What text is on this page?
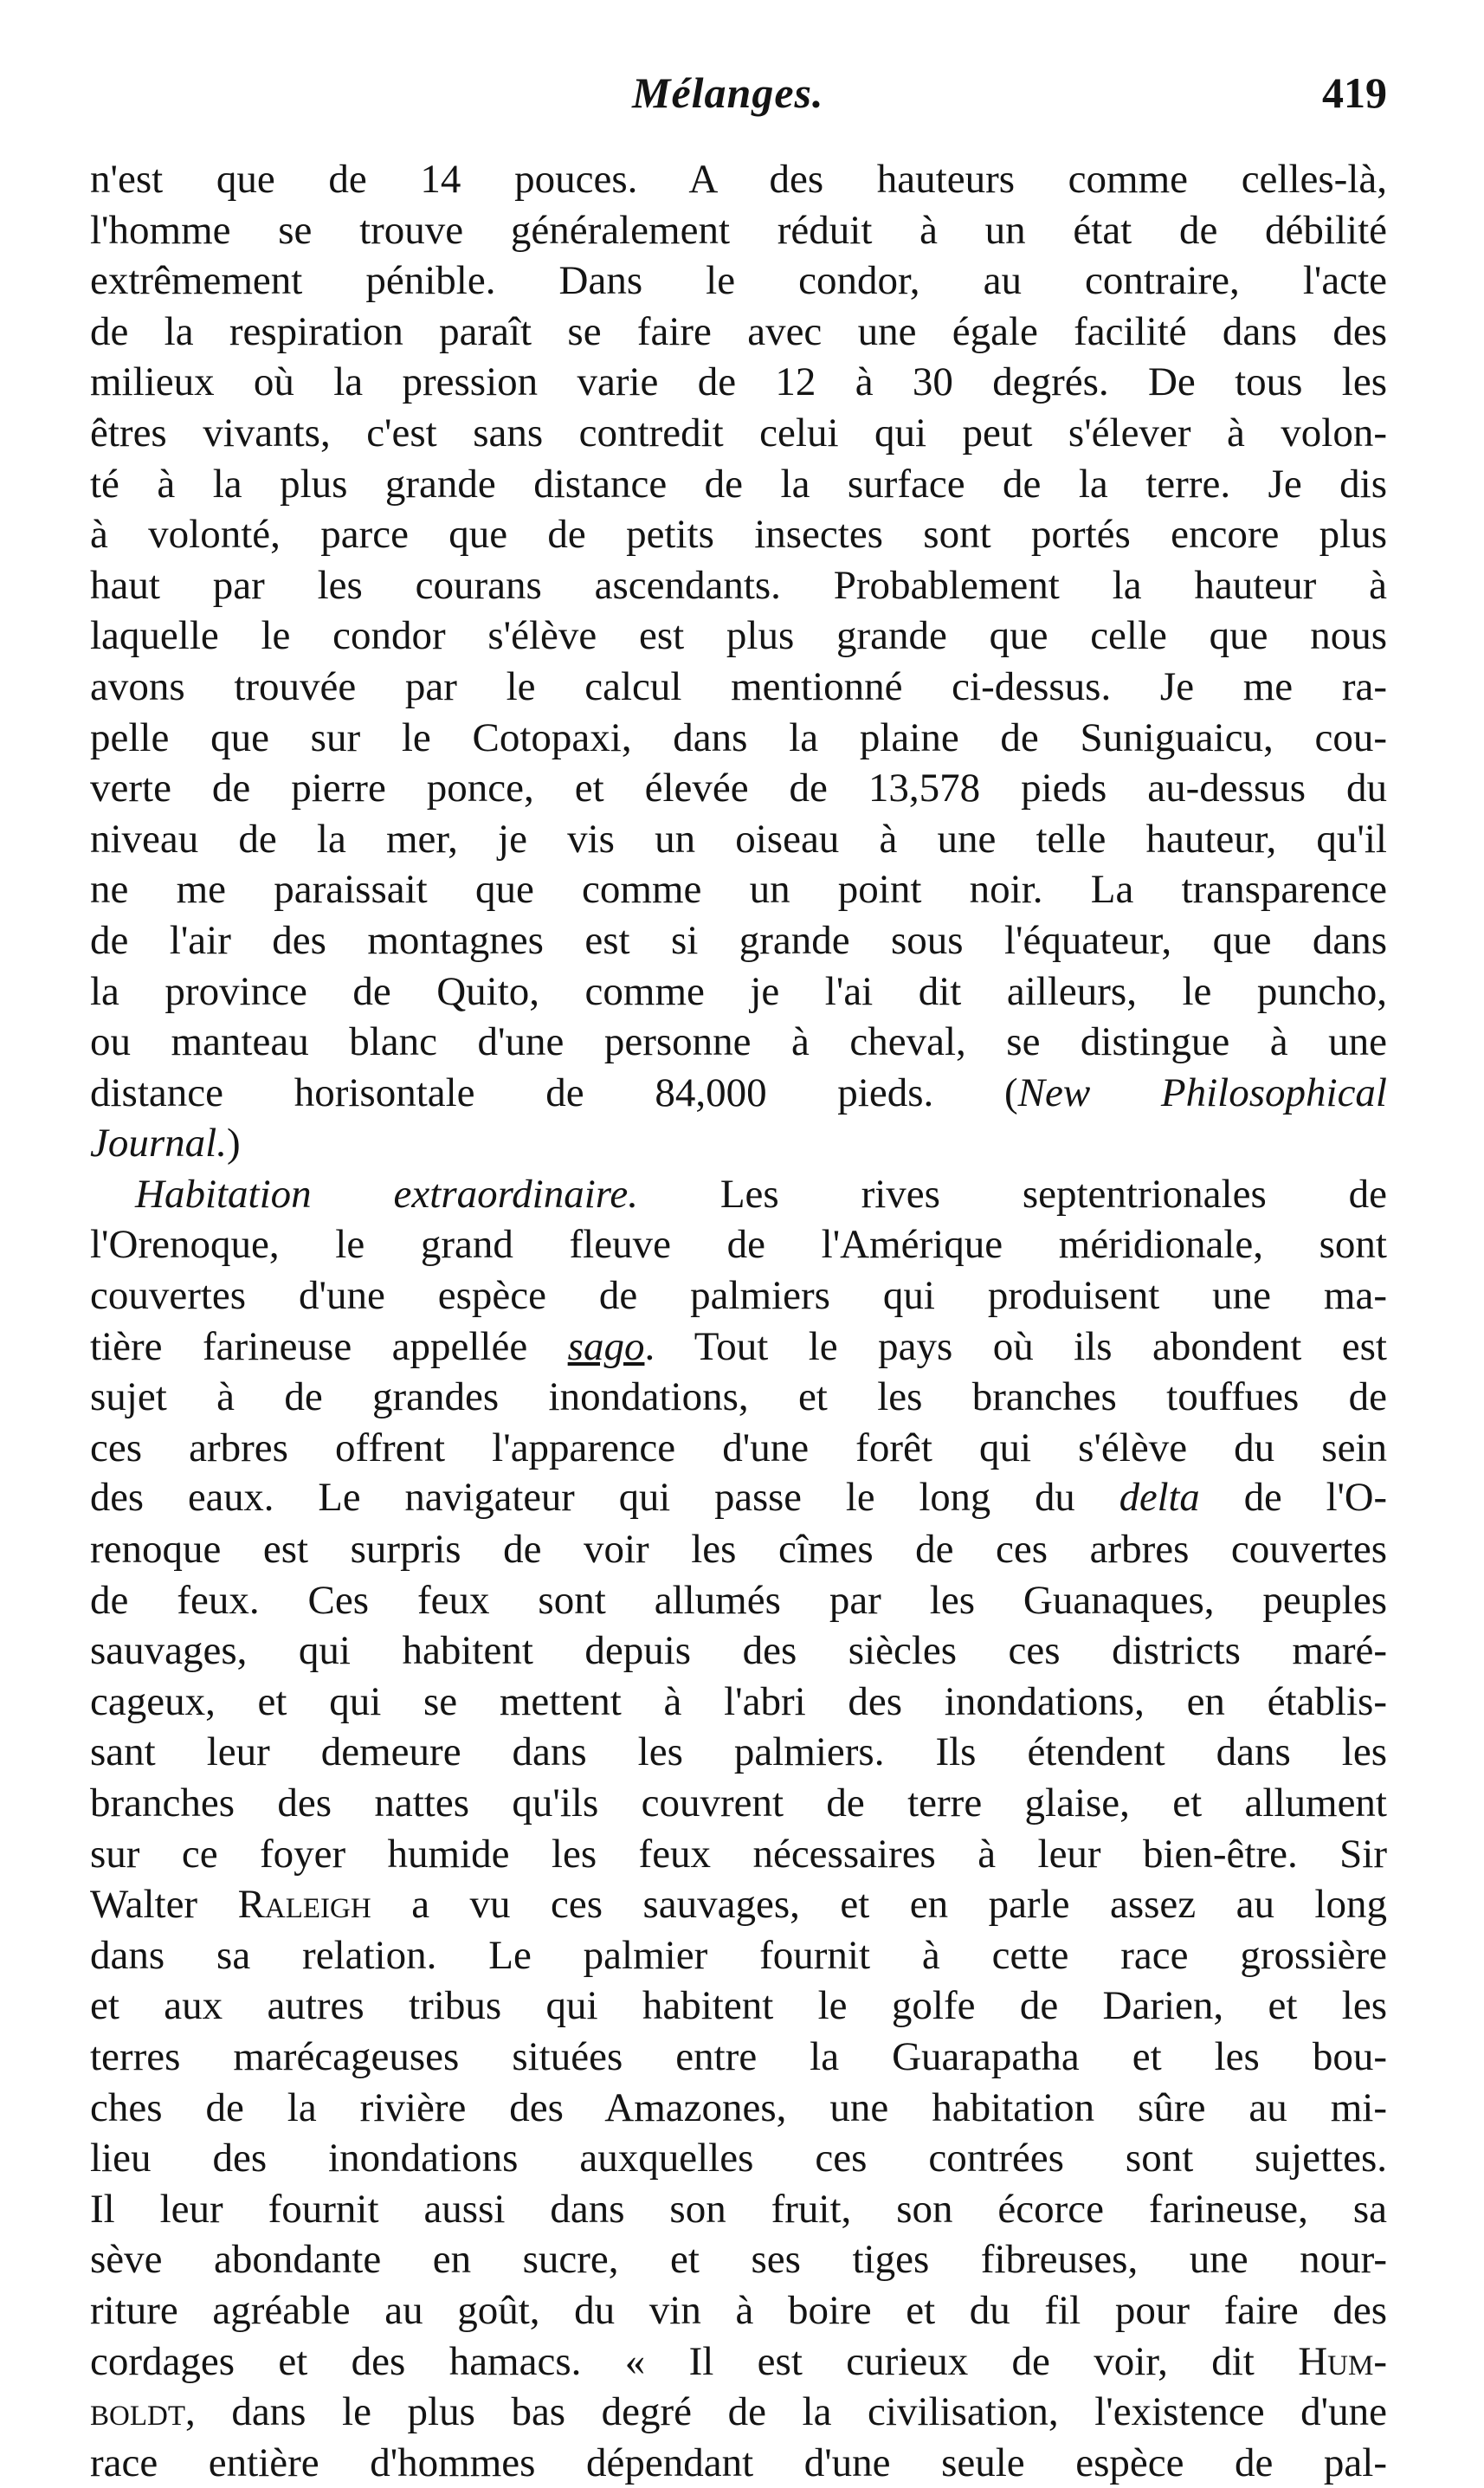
Mélanges.	419
n'est que de 14 pouces. A des hauteurs comme celles-là,
l'homme se trouve généralement réduit à un état de débilité
extrêmement pénible. Dans le condor, au contraire, l'acte
de la respiration paraît se faire avec une égale facilité dans des
milieux où la pression varie de 12 à 30 degrés. De tous les
êtres vivants, c'est sans contredit celui qui peut s'élever à volon-
té à la plus grande distance de la surface de la terre. Je dis
à volonté, parce que de petits insectes sont portés encore plus
haut par les courans ascendants. Probablement la hauteur à
laquelle le condor s'élève est plus grande que celle que nous
avons trouvée par le calcul mentionné ci-dessus. Je me ra-
pelle que sur le Cotopaxi, dans la plaine de Suniguaicu, cou-
verte de pierre ponce, et élevée de 13,578 pieds au-dessus du
niveau de la mer, je vis un oiseau à une telle hauteur, qu'il
ne me paraissait que comme un point noir. La transparence
de l'air des montagnes est si grande sous l'équateur, que dans
la province de Quito, comme je l'ai dit ailleurs, le puncho,
ou manteau blanc d'une personne à cheval, se distingue à une
distance horisontale de 84,000 pieds. (New Philosophical
Journal.)
Habitation extraordinaire. Les rives septentrionales de
l'Orenoque, le grand fleuve de l'Amérique méridionale, sont
couvertes d'une espèce de palmiers qui produisent une ma-
tière farineuse appellée sago. Tout le pays où ils abondent est
sujet à de grandes inondations, et les branches touffues de
ces arbres offrent l'apparence d'une forêt qui s'élève du sein
des eaux. Le navigateur qui passe le long du delta de l'O-
renoque est surpris de voir les cîmes de ces arbres couvertes
de feux. Ces feux sont allumés par les Guanaques, peuples
sauvages, qui habitent depuis des siècles ces districts maré-
cageux, et qui se mettent à l'abri des inondations, en établis-
sant leur demeure dans les palmiers. Ils étendent dans les
branches des nattes qu'ils couvrent de terre glaise, et allument
sur ce foyer humide les feux nécessaires à leur bien-être. Sir
Walter Raleigh a vu ces sauvages, et en parle assez au long
dans sa relation. Le palmier fournit à cette race grossière
et aux autres tribus qui habitent le golfe de Darien, et les
terres marécageuses situées entre la Guarapatha et les bou-
ches de la rivière des Amazones, une habitation sûre au mi-
lieu des inondations auxquelles ces contrées sont sujettes.
Il leur fournit aussi dans son fruit, son écorce farineuse, sa
sève abondante en sucre, et ses tiges fibreuses, une nour-
riture agréable au goût, du vin à boire et du fil pour faire des
cordages et des hamacs. « Il est curieux de voir, dit Hum-
boldt, dans le plus bas degré de la civilisation, l'existence d'une
race entière d'hommes dépendant d'une seule espèce de pal-
